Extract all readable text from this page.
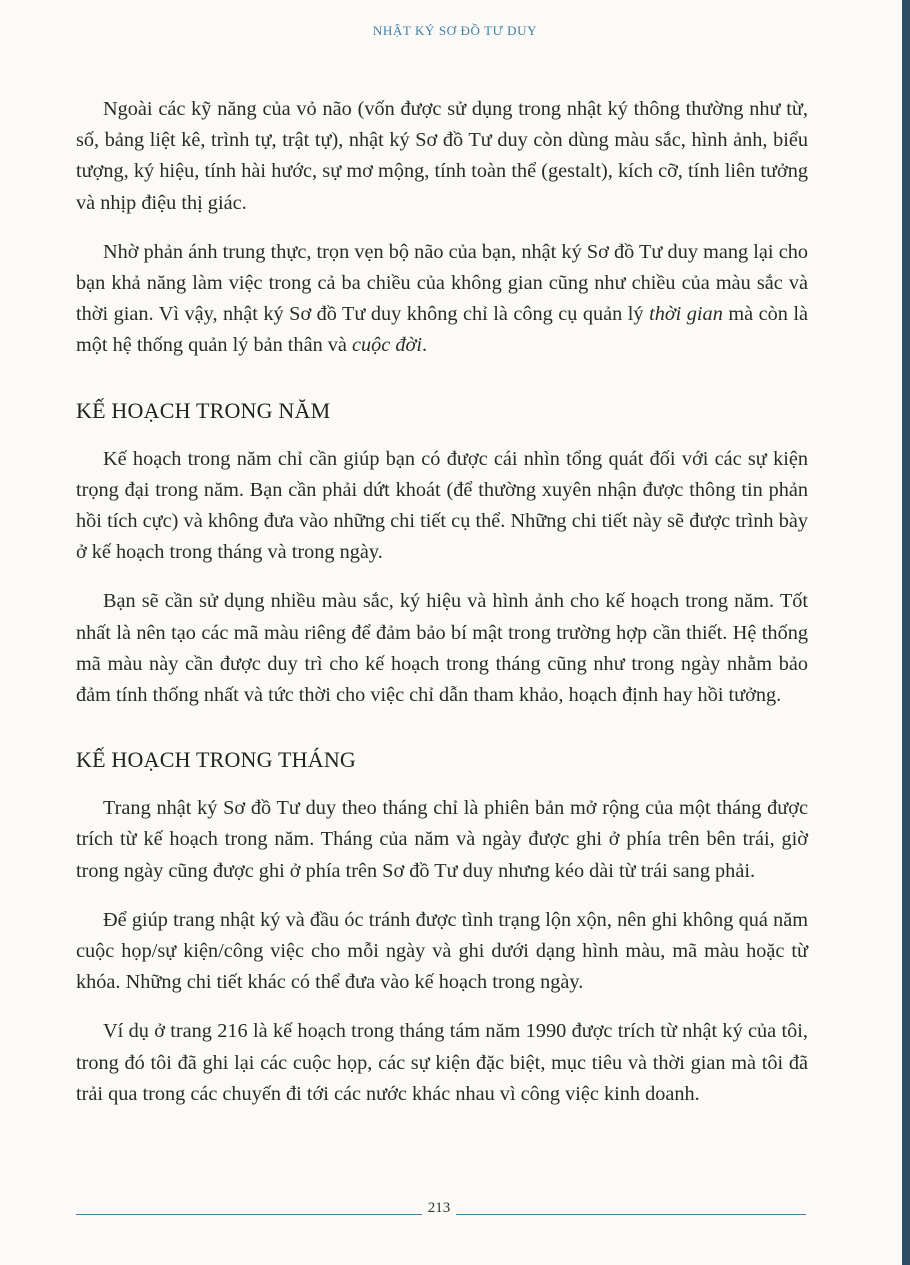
NHẬT KÝ SƠ ĐỒ TƯ DUY

Ngoài các kỹ năng của vỏ não (vốn được sử dụng trong nhật ký thông thường như từ, số, bảng liệt kê, trình tự, trật tự), nhật ký Sơ đồ Tư duy còn dùng màu sắc, hình ảnh, biểu tượng, ký hiệu, tính hài hước, sự mơ mộng, tính toàn thể (gestalt), kích cỡ, tính liên tưởng và nhịp điệu thị giác.

Nhờ phản ánh trung thực, trọn vẹn bộ não của bạn, nhật ký Sơ đồ Tư duy mang lại cho bạn khả năng làm việc trong cả ba chiều của không gian cũng như chiều của màu sắc và thời gian. Vì vậy, nhật ký Sơ đồ Tư duy không chỉ là công cụ quản lý thời gian mà còn là một hệ thống quản lý bản thân và cuộc đời.

KẾ HOẠCH TRONG NĂM

Kế hoạch trong năm chỉ cần giúp bạn có được cái nhìn tổng quát đối với các sự kiện trọng đại trong năm. Bạn cần phải dứt khoát (để thường xuyên nhận được thông tin phản hồi tích cực) và không đưa vào những chi tiết cụ thể. Những chi tiết này sẽ được trình bày ở kế hoạch trong tháng và trong ngày.

Bạn sẽ cần sử dụng nhiều màu sắc, ký hiệu và hình ảnh cho kế hoạch trong năm. Tốt nhất là nên tạo các mã màu riêng để đảm bảo bí mật trong trường hợp cần thiết. Hệ thống mã màu này cần được duy trì cho kế hoạch trong tháng cũng như trong ngày nhằm bảo đảm tính thống nhất và tức thời cho việc chỉ dẫn tham khảo, hoạch định hay hồi tưởng.

KẾ HOẠCH TRONG THÁNG

Trang nhật ký Sơ đồ Tư duy theo tháng chỉ là phiên bản mở rộng của một tháng được trích từ kế hoạch trong năm. Tháng của năm và ngày được ghi ở phía trên bên trái, giờ trong ngày cũng được ghi ở phía trên Sơ đồ Tư duy nhưng kéo dài từ trái sang phải.

Để giúp trang nhật ký và đầu óc tránh được tình trạng lộn xộn, nên ghi không quá năm cuộc họp/sự kiện/công việc cho mỗi ngày và ghi dưới dạng hình màu, mã màu hoặc từ khóa. Những chi tiết khác có thể đưa vào kế hoạch trong ngày.

Ví dụ ở trang 216 là kế hoạch trong tháng tám năm 1990 được trích từ nhật ký của tôi, trong đó tôi đã ghi lại các cuộc họp, các sự kiện đặc biệt, mục tiêu và thời gian mà tôi đã trải qua trong các chuyến đi tới các nước khác nhau vì công việc kinh doanh.

213
